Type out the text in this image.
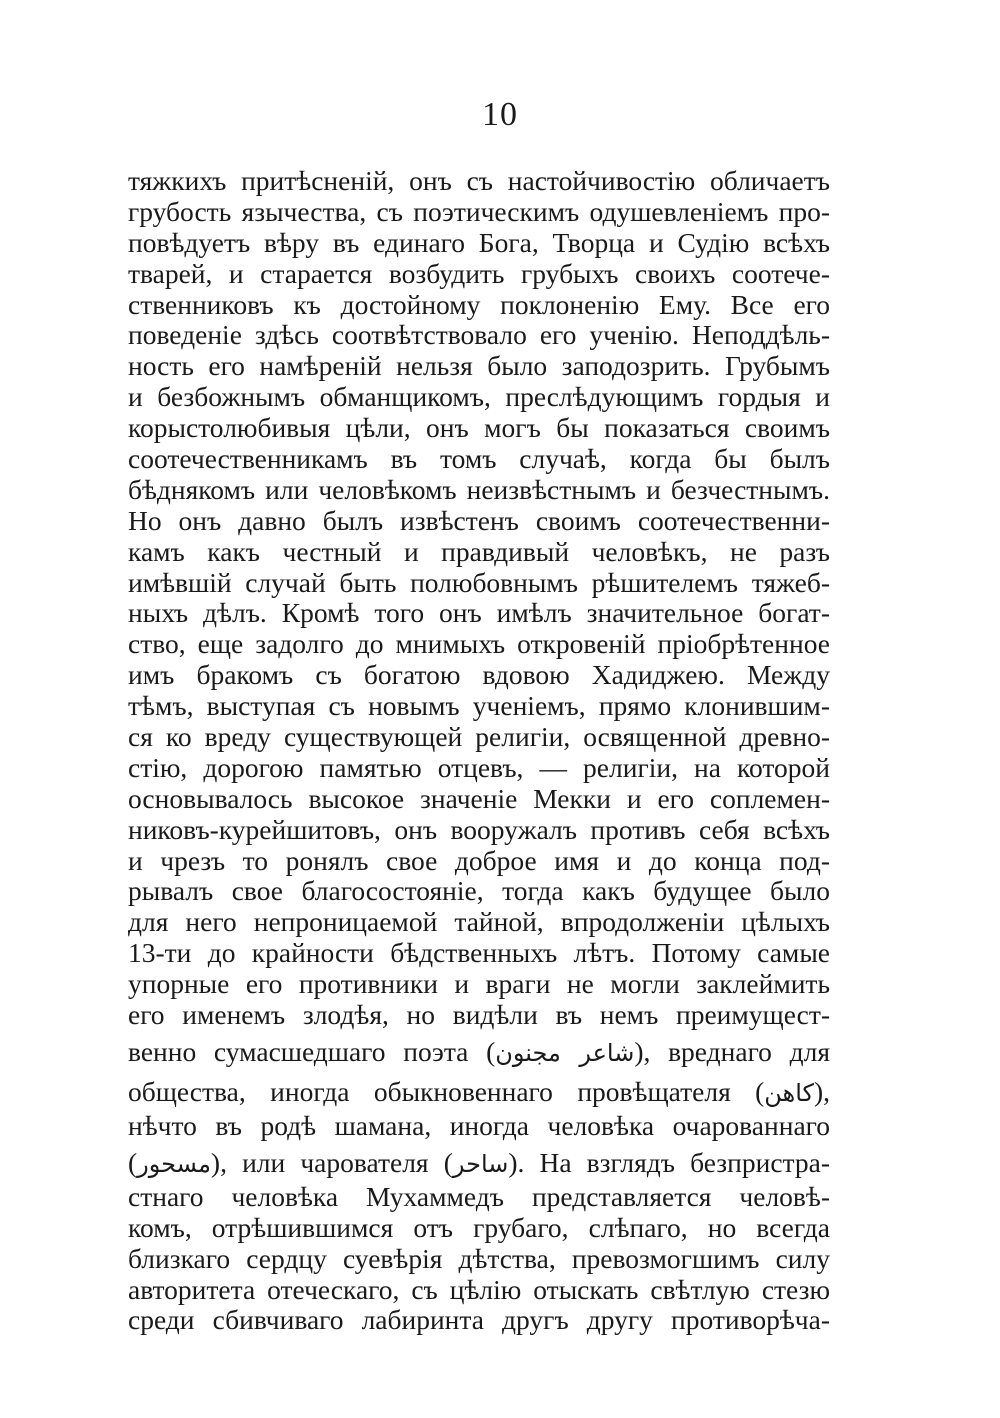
10
тяжкихъ притѣсненій, онъ съ настойчивостію обличаетъ
грубость язычества, съ поэтическимъ одушевленіемъ про-
повѣдуетъ вѣру въ единаго Бога, Творца и Судію всѣхъ
тварей, и старается возбудить грубыхъ своихъ соотече-
ственниковъ къ достойному поклоненію Ему. Все его
поведеніе здѣсь соотвѣтствовало его ученію. Неподдѣль-
ность его намѣреній нельзя было заподозрить. Грубымъ
и безбожнымъ обманщикомъ, преслѣдующимъ гордыя и
корыстолюбивыя цѣли, онъ могъ бы показаться своимъ
соотечественникамъ въ томъ случаѣ, когда бы былъ
бѣднякомъ или человѣкомъ неизвѣстнымъ и безчестнымъ.
Но онъ давно былъ извѣстенъ своимъ соотечественни-
камъ какъ честный и правдивый человѣкъ, не разъ
имѣвшій случай быть полюбовнымъ рѣшителемъ тяжеб-
ныхъ дѣлъ. Кромѣ того онъ имѣлъ значительное богат-
ство, еще задолго до мнимыхъ откровеній пріобрѣтенное
имъ бракомъ съ богатою вдовою Хадиджею. Между
тѣмъ, выступая съ новымъ ученіемъ, прямо клонившим-
ся ко вреду существующей религіи, освященной древно-
стію, дорогою памятью отцевъ, — религіи, на которой
основывалось высокое значеніе Мекки и его соплемен-
никовъ-курейшитовъ, онъ вооружалъ противъ себя всѣхъ
и чрезъ то ронялъ свое доброе имя и до конца под-
рывалъ свое благосостояніе, тогда какъ будущее было
для него непроницаемой тайной, впродолженіи цѣлыхъ
13-ти до крайности бѣдственныхъ лѣтъ. Потому самые
упорные его противники и враги не могли заклеймить
его именемъ злодѣя, но видѣли въ немъ преимущест-
венно сумасшедшаго поэта (شاعر مجنون), вреднаго для
общества, иногда обыкновеннаго провѣщателя (كاهن),
нѣчто въ родѣ шамана, иногда человѣка очарованнаго
(مسحور), или чарователя (ساحر). На взглядъ безпристра-
стнаго человѣка Мухаммедъ представляется человѣ-
комъ, отрѣшившимся отъ грубаго, слѣпаго, но всегда
близкаго сердцу суевѣрія дѣтства, превозмогшимъ силу
авторитета отеческаго, съ цѣлію отыскать свѣтлую стезю
среди сбивчиваго лабиринта другъ другу противорѣча-
